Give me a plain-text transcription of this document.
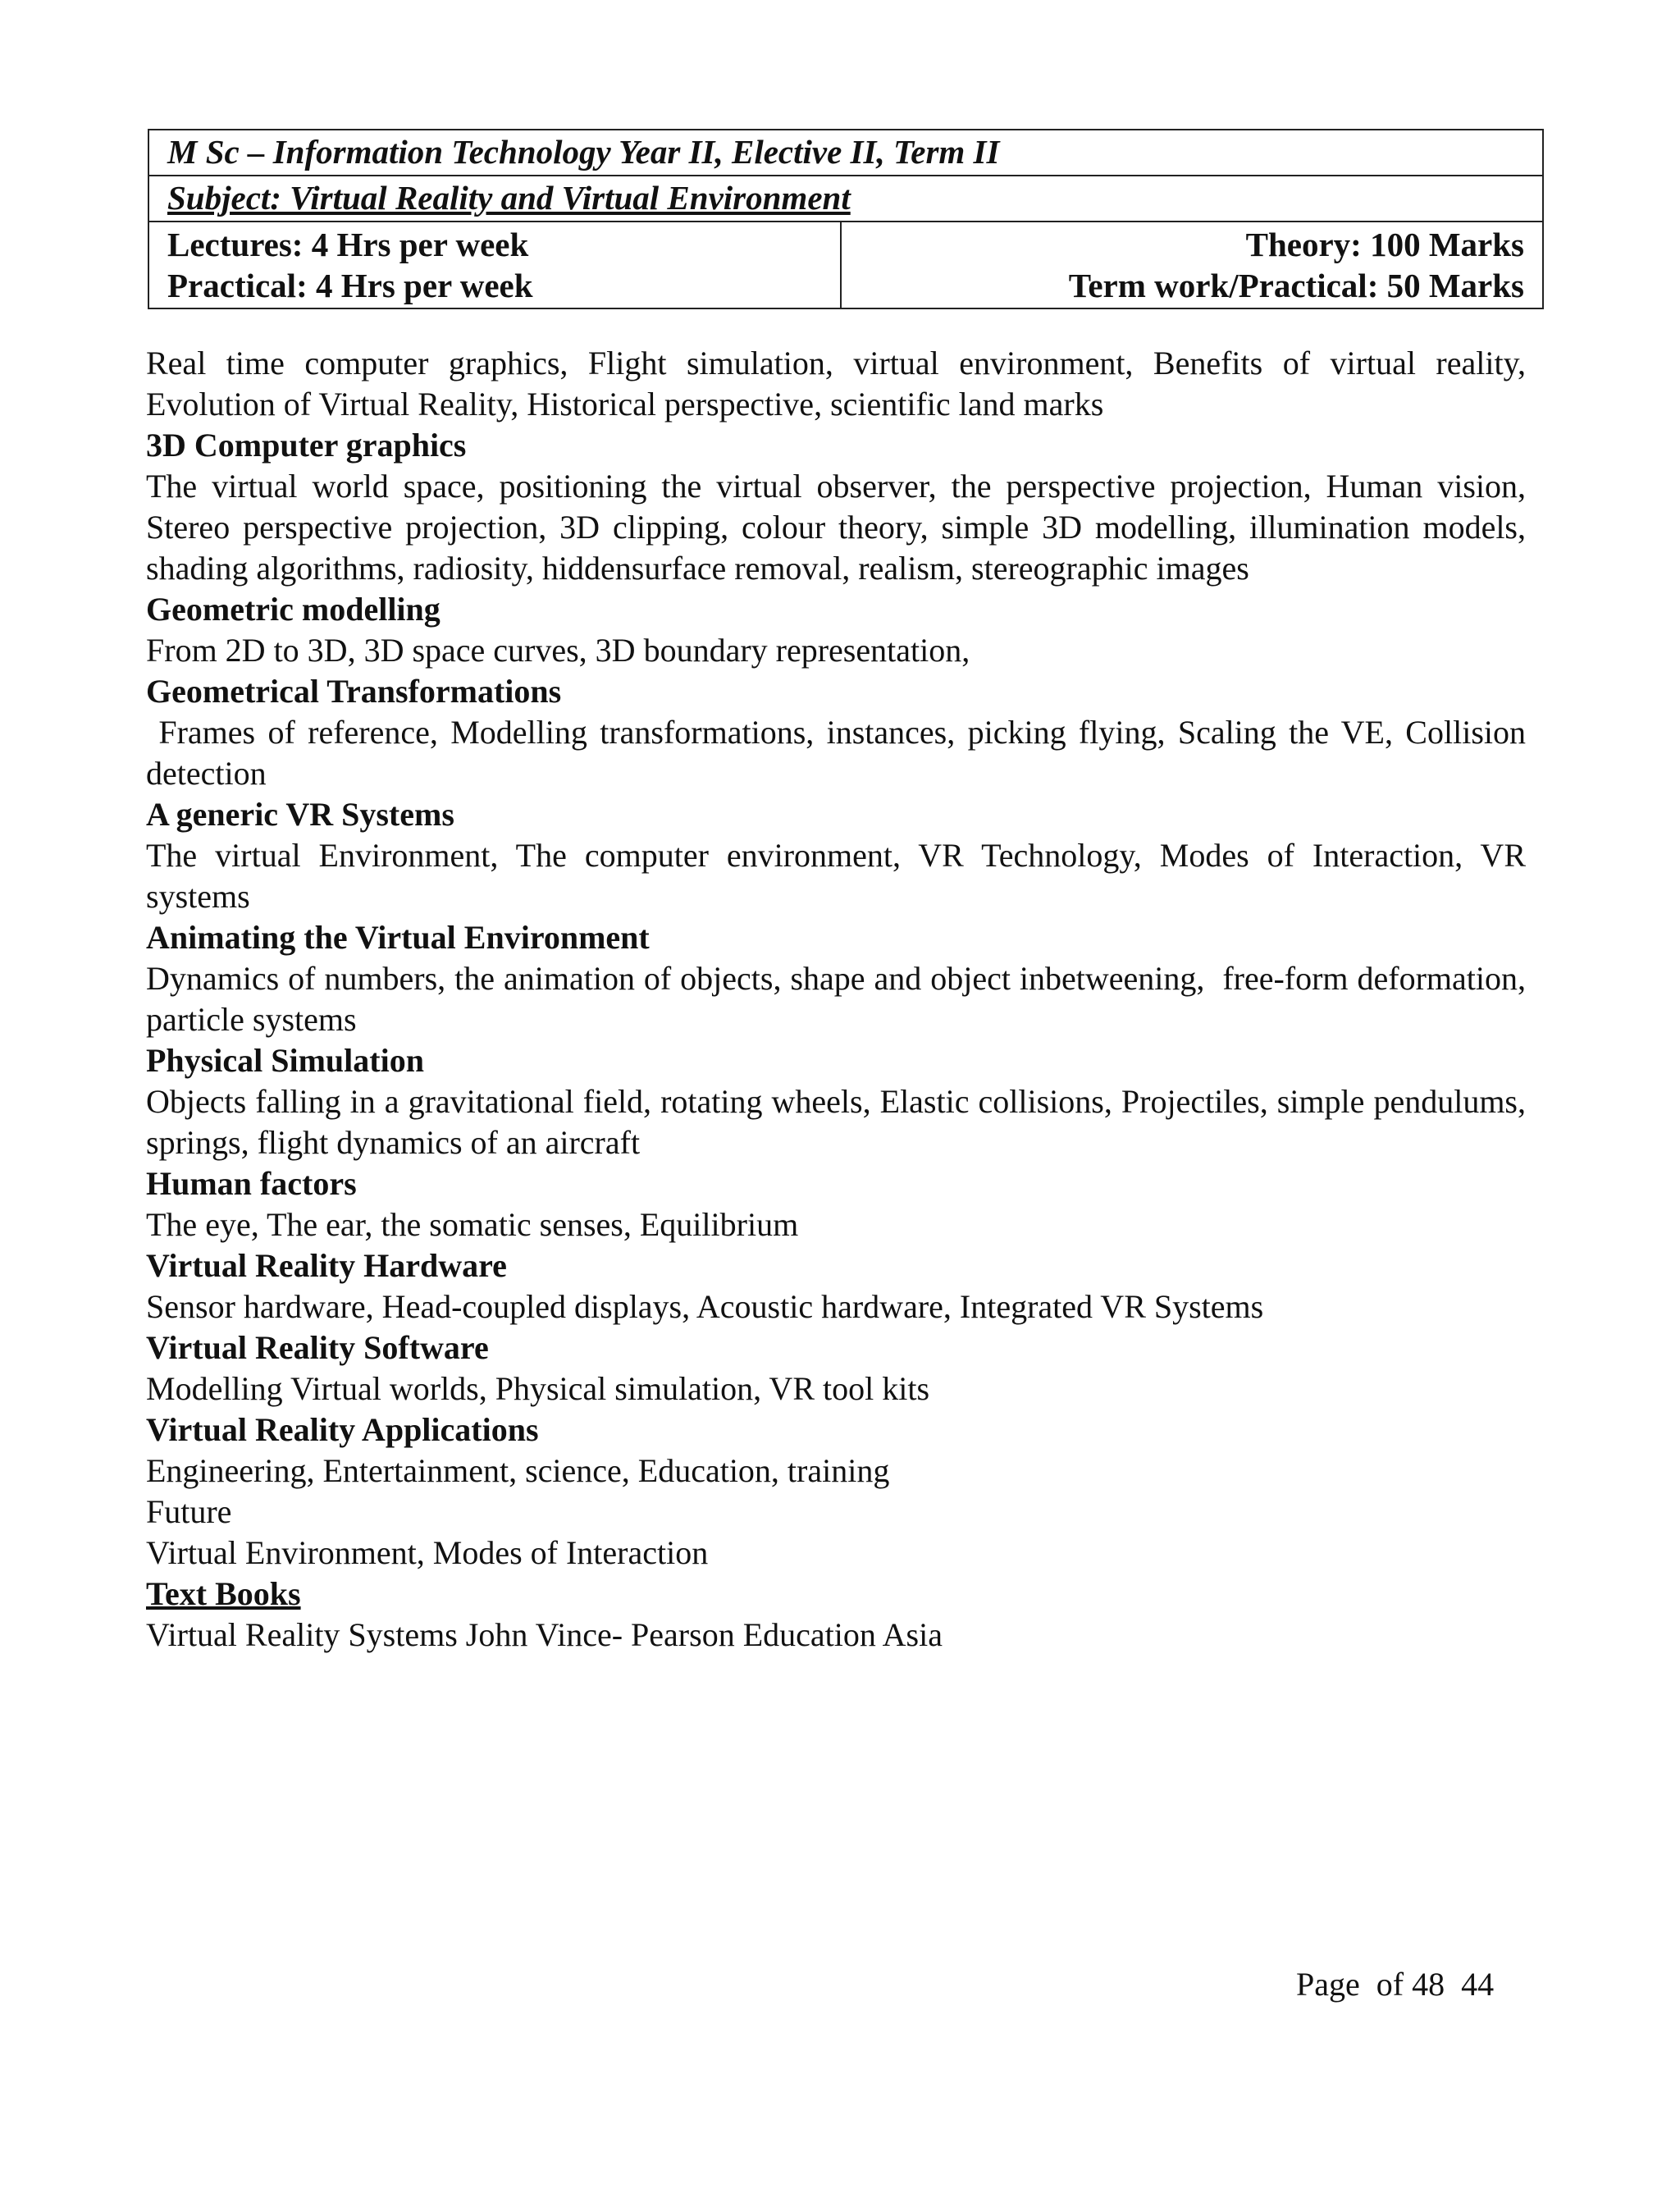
M Sc – Information Technology Year II, Elective II, Term II
Subject: Virtual Reality and Virtual Environment

Lectures: 4 Hrs per week
Practical: 4 Hrs per week

Theory: 100 Marks
Term work/Practical: 50 Marks
Real time computer graphics, Flight simulation, virtual environment, Benefits of virtual reality, Evolution of Virtual Reality, Historical perspective, scientific land marks
3D Computer graphics
The virtual world space, positioning the virtual observer, the perspective projection, Human vision, Stereo perspective projection, 3D clipping, colour theory, simple 3D modelling, illumination models, shading algorithms, radiosity, hiddensurface removal, realism, stereographic images
Geometric modelling
From 2D to 3D, 3D space curves, 3D boundary representation,
Geometrical Transformations
Frames of reference, Modelling transformations, instances, picking flying, Scaling the VE, Collision detection
A generic VR Systems
The virtual Environment, The computer environment, VR Technology, Modes of Interaction, VR systems
Animating the Virtual Environment
Dynamics of numbers, the animation of objects, shape and object inbetweening,  free-form deformation, particle systems
Physical Simulation
Objects falling in a gravitational field, rotating wheels, Elastic collisions, Projectiles, simple pendulums, springs, flight dynamics of an aircraft
Human factors
The eye, The ear, the somatic senses, Equilibrium
Virtual Reality Hardware
Sensor hardware, Head-coupled displays, Acoustic hardware, Integrated VR Systems
Virtual Reality Software
Modelling Virtual worlds, Physical simulation, VR tool kits
Virtual Reality Applications
Engineering, Entertainment, science, Education, training
Future
Virtual Environment, Modes of Interaction
Text Books
Virtual Reality Systems John Vince- Pearson Education Asia
Page  of 48  44
